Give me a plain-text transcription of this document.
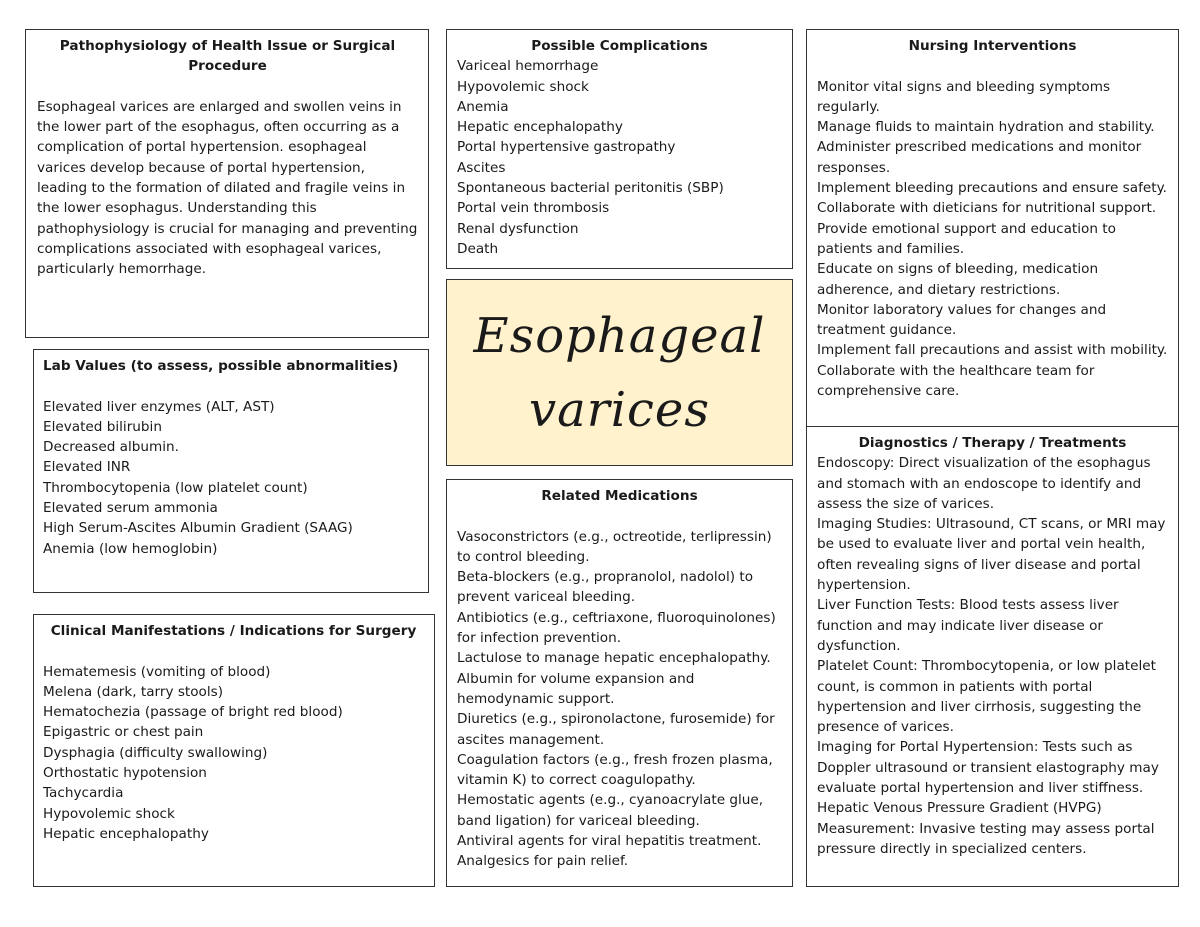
Pathophysiology of Health Issue or Surgical Procedure

Esophageal varices are enlarged and swollen veins in the lower part of the esophagus, often occurring as a complication of portal hypertension. esophageal varices develop because of portal hypertension, leading to the formation of dilated and fragile veins in the lower esophagus. Understanding this pathophysiology is crucial for managing and preventing complications associated with esophageal varices, particularly hemorrhage.

Lab Values (to assess, possible abnormalities)
Elevated liver enzymes (ALT, AST)
Elevated bilirubin
Decreased albumin.
Elevated INR
Thrombocytopenia (low platelet count)
Elevated serum ammonia
High Serum-Ascites Albumin Gradient (SAAG)
Anemia (low hemoglobin)
Clinical Manifestations / Indications for Surgery
Hematemesis (vomiting of blood)
Melena (dark, tarry stools)
Hematochezia (passage of bright red blood)
Epigastric or chest pain
Dysphagia (difficulty swallowing)
Orthostatic hypotension
Tachycardia
Hypovolemic shock
Hepatic encephalopathy
Possible Complications
Variceal hemorrhage
Hypovolemic shock
Anemia
Hepatic encephalopathy
Portal hypertensive gastropathy
Ascites
Spontaneous bacterial peritonitis (SBP)
Portal vein thrombosis
Renal dysfunction
Death
Esophageal
varices
Related Medications
Vasoconstrictors (e.g., octreotide, terlipressin) to control bleeding.
Beta-blockers (e.g., propranolol, nadolol) to prevent variceal bleeding.
Antibiotics (e.g., ceftriaxone, fluoroquinolones) for infection prevention.
Lactulose to manage hepatic encephalopathy.
Albumin for volume expansion and hemodynamic support.
Diuretics (e.g., spironolactone, furosemide) for ascites management.
Coagulation factors (e.g., fresh frozen plasma, vitamin K) to correct coagulopathy.
Hemostatic agents (e.g., cyanoacrylate glue, band ligation) for variceal bleeding.
Antiviral agents for viral hepatitis treatment.
Analgesics for pain relief.
Nursing Interventions
Monitor vital signs and bleeding symptoms regularly.
Manage fluids to maintain hydration and stability.
Administer prescribed medications and monitor responses.
Implement bleeding precautions and ensure safety.
Collaborate with dieticians for nutritional support.
Provide emotional support and education to patients and families.
Educate on signs of bleeding, medication adherence, and dietary restrictions.
Monitor laboratory values for changes and treatment guidance.
Implement fall precautions and assist with mobility.
Collaborate with the healthcare team for comprehensive care.
Diagnostics / Therapy / Treatments
Endoscopy: Direct visualization of the esophagus and stomach with an endoscope to identify and assess the size of varices.
Imaging Studies: Ultrasound, CT scans, or MRI may be used to evaluate liver and portal vein health, often revealing signs of liver disease and portal hypertension.
Liver Function Tests: Blood tests assess liver function and may indicate liver disease or dysfunction.
Platelet Count: Thrombocytopenia, or low platelet count, is common in patients with portal hypertension and liver cirrhosis, suggesting the presence of varices.
Imaging for Portal Hypertension: Tests such as Doppler ultrasound or transient elastography may evaluate portal hypertension and liver stiffness.
Hepatic Venous Pressure Gradient (HVPG) Measurement: Invasive testing may assess portal pressure directly in specialized centers.
